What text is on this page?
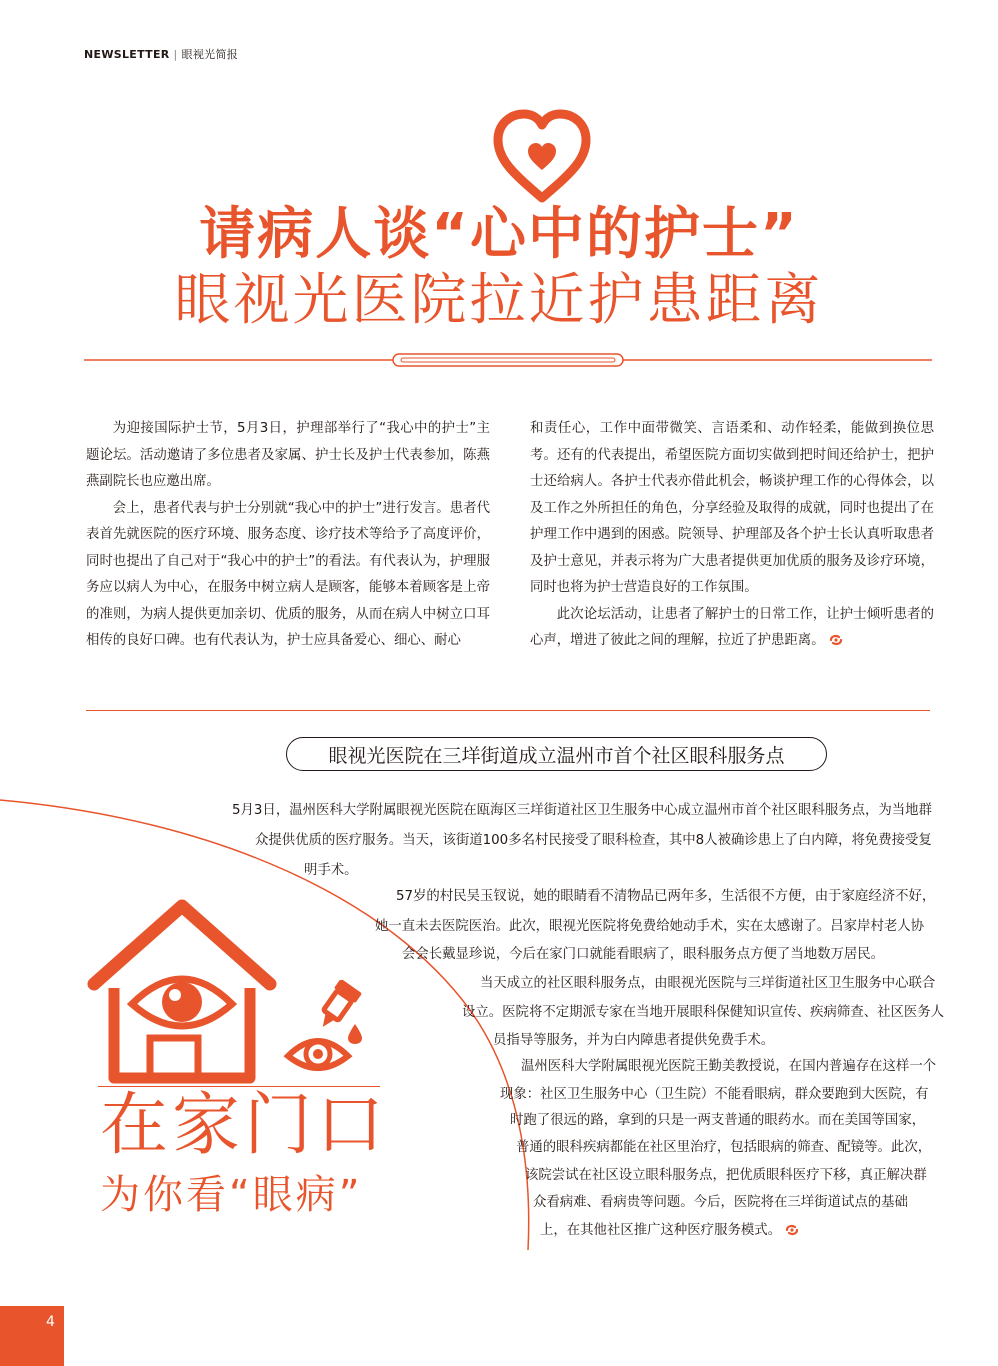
NEWSLETTER | 眼视光简报
请病人谈“心中的护士”
眼视光医院拉近护患距离

为迎接国际护士节，5月3日，护理部举行了“我心中的护士”主题论坛。活动邀请了多位患者及家属、护士长及护士代表参加，陈燕燕副院长也应邀出席。

会上，患者代表与护士分别就“我心中的护士”进行发言。患者代表首先就医院的医疗环境、服务态度、诊疗技术等给予了高度评价，同时也提出了自己对于“我心中的护士”的看法。有代表认为，护理服务应以病人为中心，在服务中树立病人是顾客，能够本着顾客是上帝的准则，为病人提供更加亲切、优质的服务，从而在病人中树立口耳相传的良好口碑。也有代表认为，护士应具备爱心、细心、耐心

和责任心，工作中面带微笑、言语柔和、动作轻柔，能做到换位思考。还有的代表提出，希望医院方面切实做到把时间还给护士，把护士还给病人。各护士代表亦借此机会，畅谈护理工作的心得体会，以及工作之外所担任的角色，分享经验及取得的成就，同时也提出了在护理工作中遇到的困惑。院领导、护理部及各个护士长认真听取患者及护士意见，并表示将为广大患者提供更加优质的服务及诊疗环境，同时也将为护士营造良好的工作氛围。

此次论坛活动，让患者了解护士的日常工作，让护士倾听患者的心声，增进了彼此之间的理解，拉近了护患距离。

眼视光医院在三垟街道成立温州市首个社区眼科服务点
5月3日，温州医科大学附属眼视光医院在瓯海区三垟街道社区卫生服务中心成立温州市首个社区眼科服务点，为当地群
众提供优质的医疗服务。当天，该街道100多名村民接受了眼科检查，其中8人被确诊患上了白内障，将免费接受复
明手术。
57岁的村民吴玉钗说，她的眼睛看不清物品已两年多，生活很不方便，由于家庭经济不好，
她一直未去医院医治。此次，眼视光医院将免费给她动手术，实在太感谢了。吕家岸村老人协
会会长戴显珍说，今后在家门口就能看眼病了，眼科服务点方便了当地数万居民。
当天成立的社区眼科服务点，由眼视光医院与三垟街道社区卫生服务中心联合
设立。医院将不定期派专家在当地开展眼科保健知识宣传、疾病筛查、社区医务人
员指导等服务，并为白内障患者提供免费手术。
温州医科大学附属眼视光医院王勤美教授说，在国内普遍存在这样一个
现象：社区卫生服务中心（卫生院）不能看眼病，群众要跑到大医院，有
时跑了很远的路，拿到的只是一两支普通的眼药水。而在美国等国家，
普通的眼科疾病都能在社区里治疗，包括眼病的筛查、配镜等。此次，
该院尝试在社区设立眼科服务点，把优质眼科医疗下移，真正解决群
众看病难、看病贵等问题。今后，医院将在三垟街道试点的基础
上，在其他社区推广这种医疗服务模式。
在家门口
为你看“眼病”
4
